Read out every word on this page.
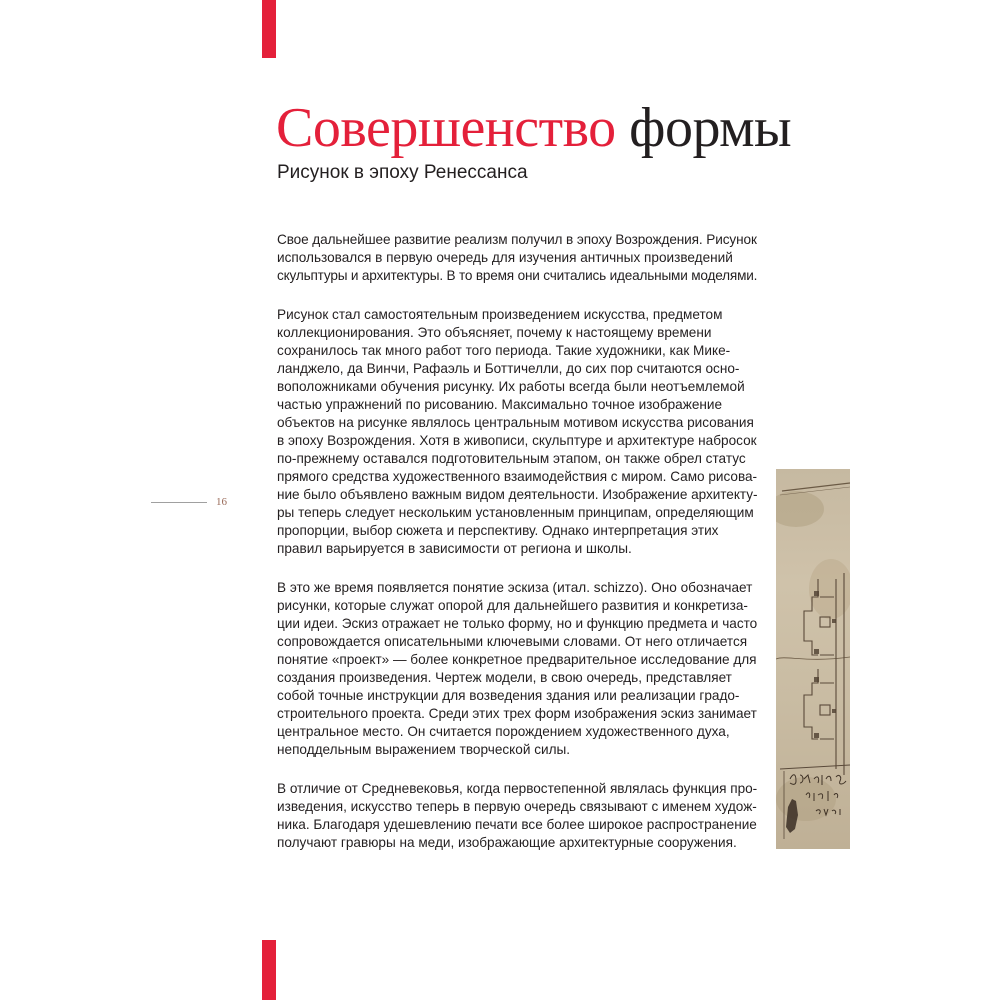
Совершенство формы
Рисунок в эпоху Ренессанса

Свое дальнейшее развитие реализм получил в эпоху Возрождения. Рисунок
использовался в первую очередь для изучения античных произведений
скульптуры и архитектуры. В то время они считались идеальными моделями.

Рисунок стал самостоятельным произведением искусства, предметом
коллекционирования. Это объясняет, почему к настоящему времени
сохранилось так много работ того периода. Такие художники, как Мике-
ланджело, да Винчи, Рафаэль и Боттичелли, до сих пор считаются осно-
воположниками обучения рисунку. Их работы всегда были неотъемлемой
частью упражнений по рисованию. Максимально точное изображение
объектов на рисунке являлось центральным мотивом искусства рисования
в эпоху Возрождения. Хотя в живописи, скульптуре и архитектуре набросок
по-прежнему оставался подготовительным этапом, он также обрел статус
прямого средства художественного взаимодействия с миром. Само рисова-
ние было объявлено важным видом деятельности. Изображение архитекту-
ры теперь следует нескольким установленным принципам, определяющим
пропорции, выбор сюжета и перспективу. Однако интерпретация этих
правил варьируется в зависимости от региона и школы.

В это же время появляется понятие эскиза (итал. schizzo). Оно обозначает
рисунки, которые служат опорой для дальнейшего развития и конкретиза-
ции идеи. Эскиз отражает не только форму, но и функцию предмета и часто
сопровождается описательными ключевыми словами. От него отличается
понятие «проект» — более конкретное предварительное исследование для
создания произведения. Чертеж модели, в свою очередь, представляет
собой точные инструкции для возведения здания или реализации градо-
строительного проекта. Среди этих трех форм изображения эскиз занимает
центральное место. Он считается порождением художественного духа,
неподдельным выражением творческой силы.

В отличие от Средневековья, когда первостепенной являлась функция про-
изведения, искусство теперь в первую очередь связывают с именем худож-
ника. Благодаря удешевлению печати все более широкое распространение
получают гравюры на меди, изображающие архитектурные сооружения.

16
